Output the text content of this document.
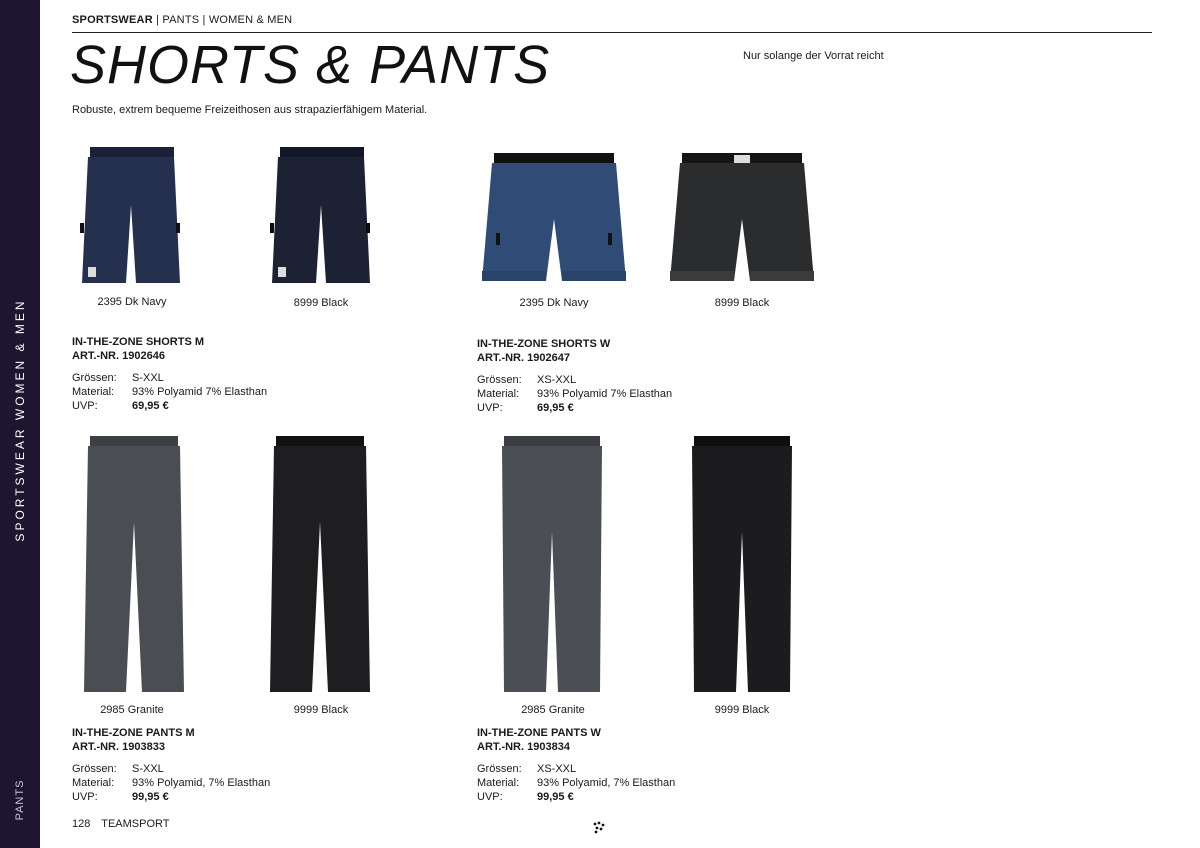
SPORTSWEAR WOMEN & MEN
PANTS
SPORTSWEAR | PANTS | WOMEN & MEN
SHORTS & PANTS	Nur solange der Vorrat reicht
Robuste, extrem bequeme Freizeithosen aus strapazierfähigem Material.
2395 Dk Navy	8999 Black	2395 Dk Navy	8999 Black
2985 Granite	9999 Black	2985 Granite	9999 Black
IN-THE-ZONE SHORTS M
ART.-NR. 1902646
Grössen:	S-XXL
Material:	93% Polyamid 7% Elasthan
UVP:	69,95 €
IN-THE-ZONE SHORTS W
ART.-NR. 1902647
Grössen:	XS-XXL
Material:	93% Polyamid 7% Elasthan
UVP:	69,95 €
IN-THE-ZONE PANTS M
ART.-NR. 1903833
Grössen:	S-XXL
Material:	93% Polyamid, 7% Elasthan
UVP:	99,95 €
IN-THE-ZONE PANTS W
ART.-NR. 1903834
Grössen:	XS-XXL
Material:	93% Polyamid, 7% Elasthan
UVP:	99,95 €
128 TEAMSPORT
